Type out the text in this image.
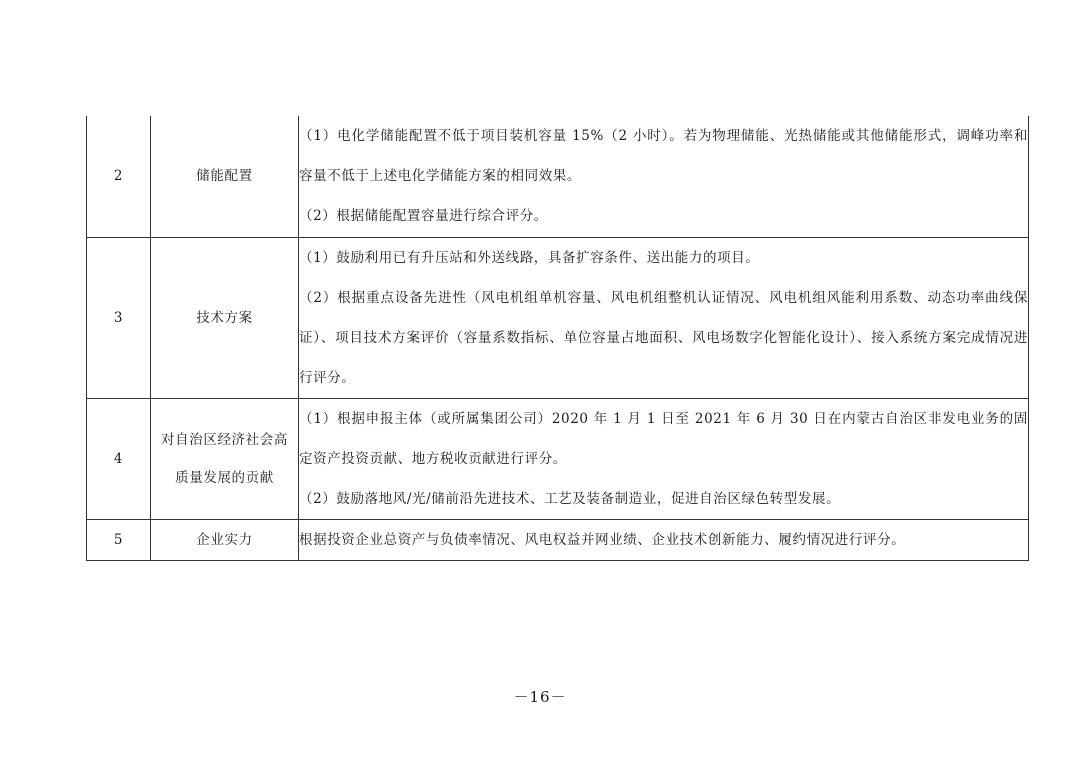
2	储能配置	（1）电化学储能配置不低于项目装机容量 15%（2 小时）。若为物理储能、光热储能或其他储能形式，调峰功率和容量不低于上述电化学储能方案的相同效果。

（2）根据储能配置容量进行综合评分。

3	技术方案	（1）鼓励利用已有升压站和外送线路，具备扩容条件、送出能力的项目。

（2）根据重点设备先进性（风电机组单机容量、风电机组整机认证情况、风电机组风能利用系数、动态功率曲线保证）、项目技术方案评价（容量系数指标、单位容量占地面积、风电场数字化智能化设计）、接入系统方案完成情况进行评分。

4	对自治区经济社会高质量发展的贡献	（1）根据申报主体（或所属集团公司）2020 年 1 月 1 日至 2021 年 6 月 30 日在内蒙古自治区非发电业务的固定资产投资贡献、地方税收贡献进行评分。

（2）鼓励落地风/光/储前沿先进技术、工艺及装备制造业，促进自治区绿色转型发展。

5	企业实力	根据投资企业总资产与负债率情况、风电权益并网业绩、企业技术创新能力、履约情况进行评分。

－16－
